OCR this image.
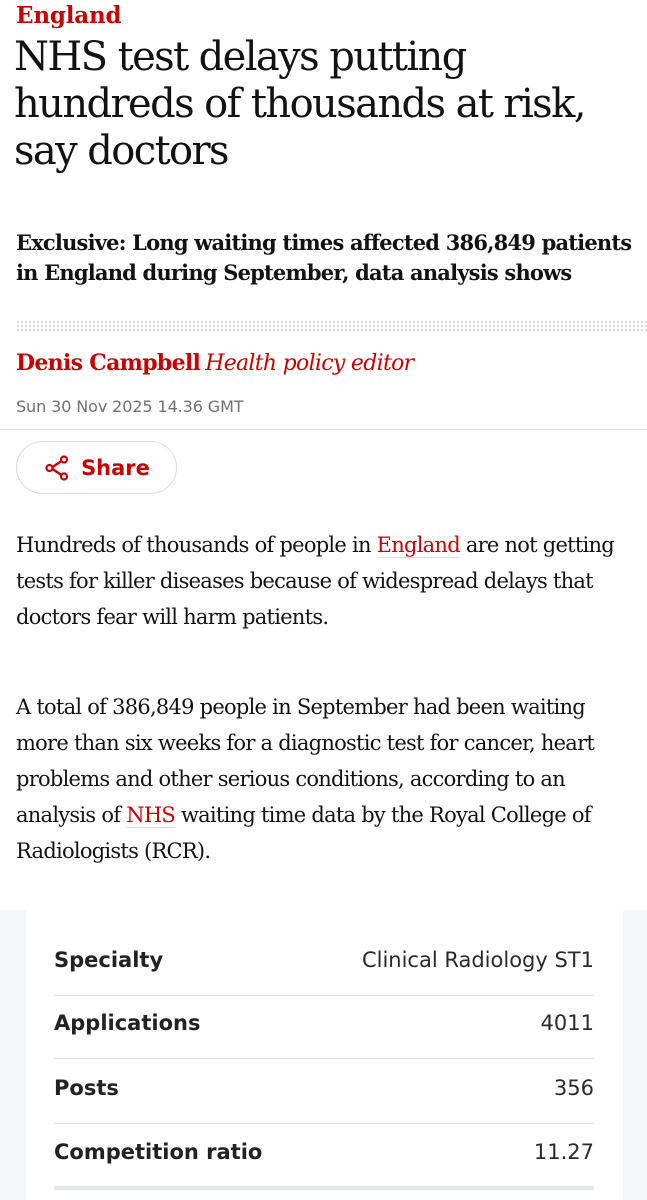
England
NHS test delays putting hundreds of thousands at risk, say doctors

Exclusive: Long waiting times affected 386,849 patients in England during September, data analysis shows

Denis Campbell Health policy editor
Sun 30 Nov 2025 14.36 GMT
Share

Hundreds of thousands of people in England are not getting tests for killer diseases because of widespread delays that doctors fear will harm patients.

A total of 386,849 people in September had been waiting more than six weeks for a diagnostic test for cancer, heart problems and other serious conditions, according to an analysis of NHS waiting time data by the Royal College of Radiologists (RCR).

Specialty	Clinical Radiology ST1
Applications	4011
Posts	356
Competition ratio	11.27
